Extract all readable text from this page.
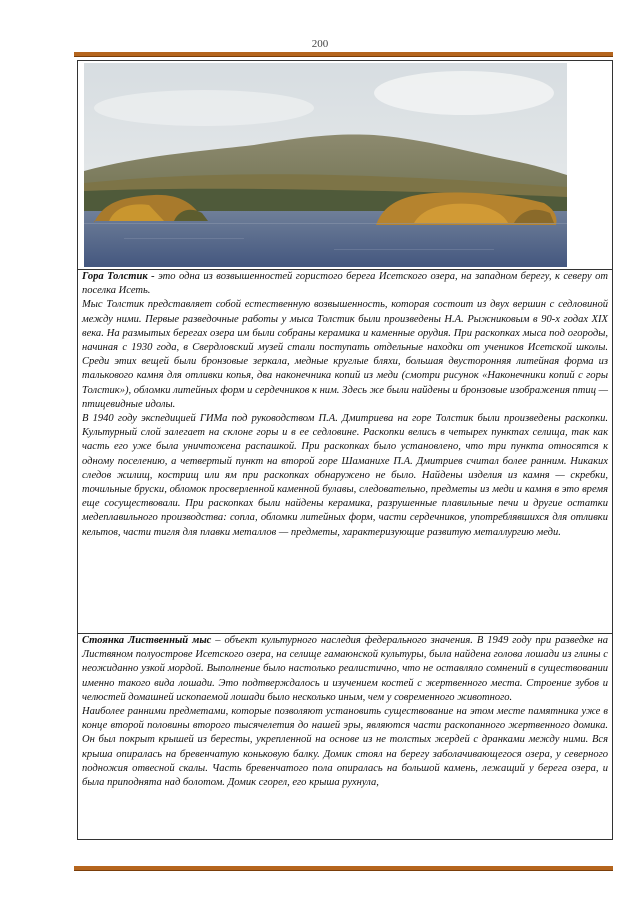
200

Гора Толстик - это одна из возвышенностей гористого берега Исетского озера, на западном берегу, к северу от поселка Исеть.

Мыс Толстик представляет собой естественную возвышенность, которая состоит из двух вершин с седловиной между ними. Первые разведочные работы у мыса Толстик были произведены Н.А. Рыжниковым в 90-х годах XIX века. На размытых берегах озера им были собраны керамика и каменные орудия. При раскопках мыса под огороды, начиная с 1930 года, в Свердловский музей стали поступать отдельные находки от учеников Исетской школы. Среди этих вещей были бронзовые зеркала, медные круглые бляхи, большая двусторонняя литейная форма из талькового камня для отливки копья, два наконечника копий из меди (смотри рисунок «Наконечники копий с горы Толстик»), обломки литейных форм и сердечников к ним. Здесь же были найдены и бронзовые изображения птиц — птицевидные идолы.

В 1940 году экспедицией ГИМа под руководством П.А. Дмитриева на горе Толстик были произведены раскопки. Культурный слой залегает на склоне горы и в ее седловине. Раскопки велись в четырех пунктах селища, так как часть его уже была уничтожена распашкой. При раскопках было установлено, что три пункта относятся к одному поселению, а четвертый пункт на второй горе Шаманихе П.А. Дмитриев считал более ранним. Никаких следов жилищ, кострищ или ям при раскопках обнаружено не было. Найдены изделия из камня — скребки, точильные бруски, обломок просверленной каменной булавы, следовательно, предметы из меди и камня в это время еще сосуществовали. При раскопках были найдены керамика, разрушенные плавильные печи и другие остатки медеплавильного производства: сопла, обломки литейных форм, части сердечников, употреблявшихся для отливки кельтов, части тигля для плавки металлов — предметы, характеризующие развитую металлургию меди.

Стоянка Лиственный мыс – объект культурного наследия федерального значения. В 1949 году при разведке на Листвяном полуострове Исетского озера, на селище гамаюнской культуры, была найдена голова лошади из глины с неожиданно узкой мордой. Выполнение было настолько реалистично, что не оставляло сомнений в существовании именно такого вида лошади. Это подтверждалось и изучением костей с жертвенного места. Строение зубов и челюстей домашней ископаемой лошади было несколько иным, чем у современного животного.

Наиболее ранними предметами, которые позволяют установить существование на этом месте памятника уже в конце второй половины второго тысячелетия до нашей эры, являются части раскопанного жертвенного домика. Он был покрыт крышей из бересты, укрепленной на основе из не толстых жердей с дранками между ними. Вся крыша опиралась на бревенчатую коньковую балку. Домик стоял на берегу заболачивающегося озера, у северного подножия отвесной скалы. Часть бревенчатого пола опиралась на большой камень, лежащий у берега озера, и была приподнята над болотом. Домик сгорел, его крыша рухнула,
